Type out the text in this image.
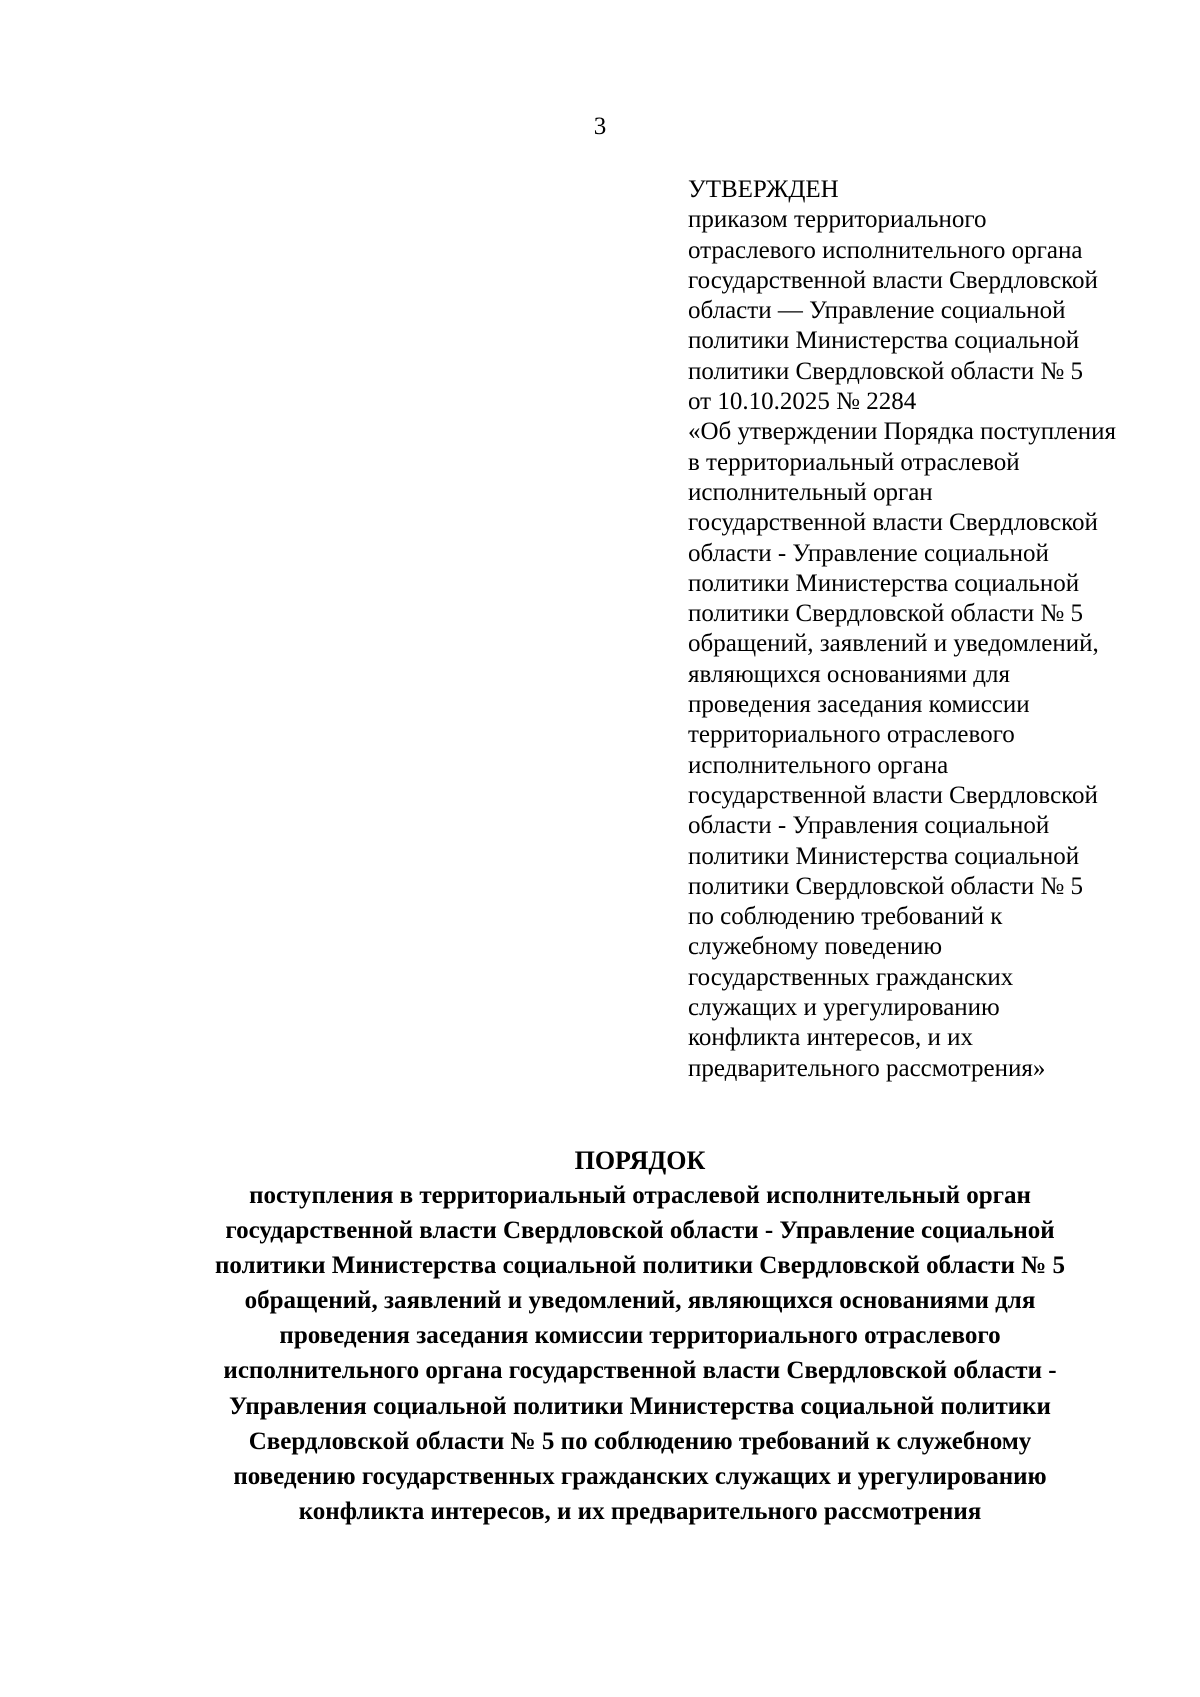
3
УТВЕРЖДЕН
приказом территориального
отраслевого исполнительного органа
государственной власти Свердловской
области — Управление социальной
политики Министерства социальной
политики Свердловской области № 5
от 10.10.2025 № 2284
«Об утверждении Порядка поступления
в территориальный отраслевой
исполнительный орган
государственной власти Свердловской
области - Управление социальной
политики Министерства социальной
политики Свердловской области № 5
обращений, заявлений и уведомлений,
являющихся основаниями для
проведения заседания комиссии
территориального отраслевого
исполнительного органа
государственной власти Свердловской
области - Управления социальной
политики Министерства социальной
политики Свердловской области № 5
по соблюдению требований к
служебному поведению
государственных гражданских
служащих и урегулированию
конфликта интересов, и их
предварительного рассмотрения»
ПОРЯДОК
поступления в территориальный отраслевой исполнительный орган
государственной власти Свердловской области - Управление социальной
политики Министерства социальной политики Свердловской области № 5
обращений, заявлений и уведомлений, являющихся основаниями для
проведения заседания комиссии территориального отраслевого
исполнительного органа государственной власти Свердловской области -
Управления социальной политики Министерства социальной политики
Свердловской области № 5 по соблюдению требований к служебному
поведению государственных гражданских служащих и урегулированию
конфликта интересов, и их предварительного рассмотрения
